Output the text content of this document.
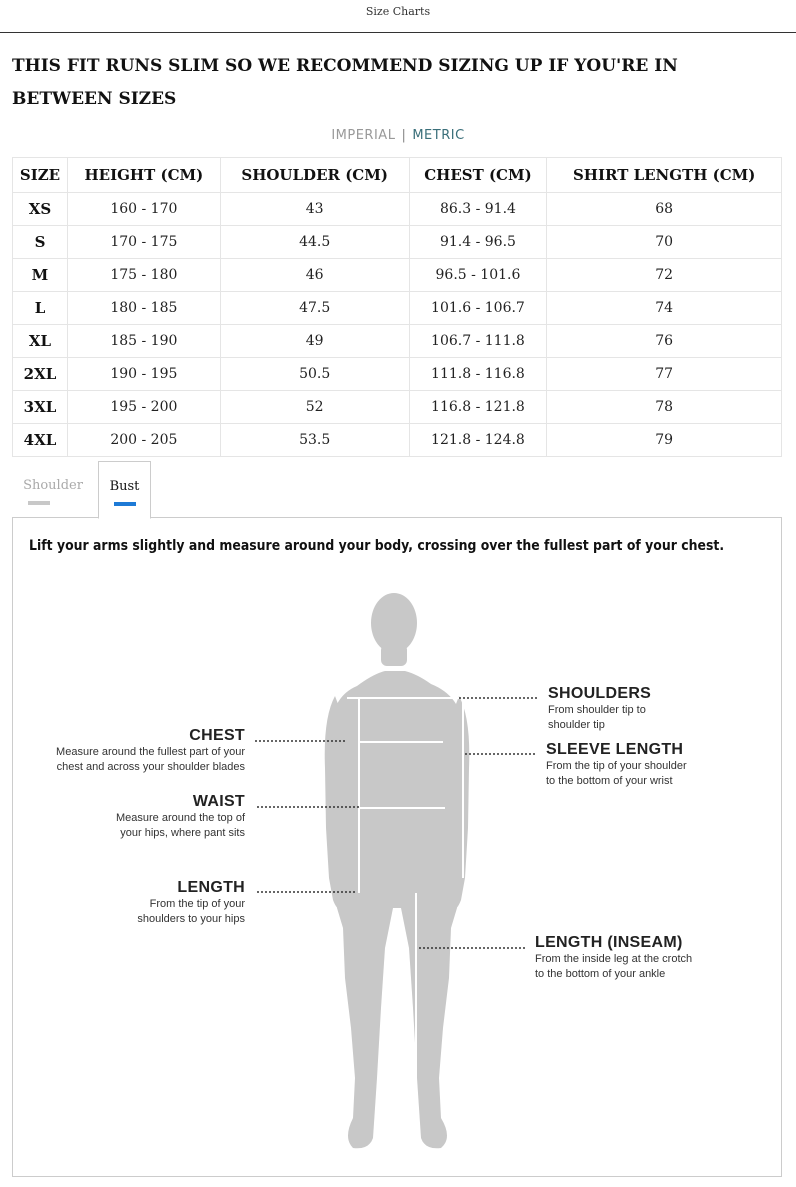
Size Charts
THIS FIT RUNS SLIM SO WE RECOMMEND SIZING UP IF YOU'RE IN BETWEEN SIZES
IMPERIAL | METRIC
SIZE	HEIGHT (CM)	SHOULDER (CM)	CHEST (CM)	SHIRT LENGTH (CM)
XS	160 - 170	43	86.3 - 91.4	68
S	170 - 175	44.5	91.4 - 96.5	70
M	175 - 180	46	96.5 - 101.6	72
L	180 - 185	47.5	101.6 - 106.7	74
XL	185 - 190	49	106.7 - 111.8	76
2XL	190 - 195	50.5	111.8 - 116.8	77
3XL	195 - 200	52	116.8 - 121.8	78
4XL	200 - 205	53.5	121.8 - 124.8	79
Shoulder	Bust
Lift your arms slightly and measure around your body, crossing over the fullest part of your chest.
CHEST
Measure around the fullest part of your
chest and across your shoulder blades
WAIST
Measure around the top of
your hips, where pant sits
LENGTH
From the tip of your
shoulders to your hips
SHOULDERS
From shoulder tip to
shoulder tip
SLEEVE LENGTH
From the tip of your shoulder
to the bottom of your wrist
LENGTH (INSEAM)
From the inside leg at the crotch
to the bottom of your ankle
